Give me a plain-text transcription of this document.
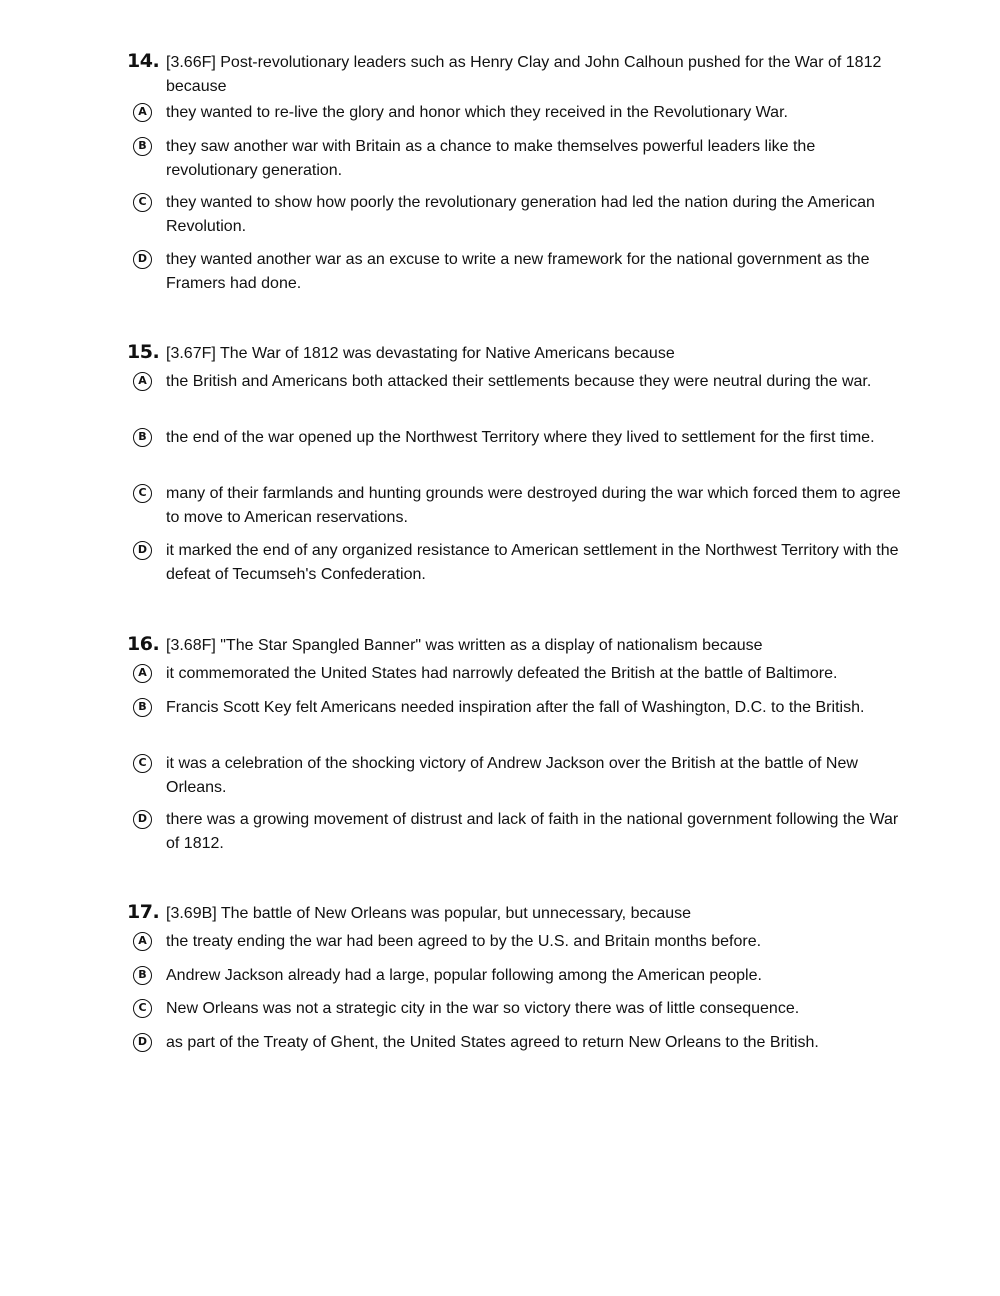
14. [3.66F] Post-revolutionary leaders such as Henry Clay and John Calhoun pushed for the War of 1812 because
A	they wanted to re-live the glory and honor which they received in the Revolutionary War.
B	they saw another war with Britain as a chance to make themselves powerful leaders like the revolutionary generation.
C	they wanted to show how poorly the revolutionary generation had led the nation during the American Revolution.
D	they wanted another war as an excuse to write a new framework for the national government as the Framers had done.
15. [3.67F] The War of 1812 was devastating for Native Americans because
A	the British and Americans both attacked their settlements because they were neutral during the war.
B	the end of the war opened up the Northwest Territory where they lived to settlement for the first time.
C	many of their farmlands and hunting grounds were destroyed during the war which forced them to agree to move to American reservations.
D	it marked the end of any organized resistance to American settlement in the Northwest Territory with the defeat of Tecumseh's Confederation.
16. [3.68F] "The Star Spangled Banner" was written as a display of nationalism because
A	it commemorated the United States had narrowly defeated the British at the battle of Baltimore.
B	Francis Scott Key felt Americans needed inspiration after the fall of Washington, D.C. to the British.
C	it was a celebration of the shocking victory of Andrew Jackson over the British at the battle of New Orleans.
D	there was a growing movement of distrust and lack of faith in the national government following the War of 1812.
17. [3.69B] The battle of New Orleans was popular, but unnecessary, because
A	the treaty ending the war had been agreed to by the U.S. and Britain months before.
B	Andrew Jackson already had a large, popular following among the American people.
C	New Orleans was not a strategic city in the war so victory there was of little consequence.
D	as part of the Treaty of Ghent, the United States agreed to return New Orleans to the British.
